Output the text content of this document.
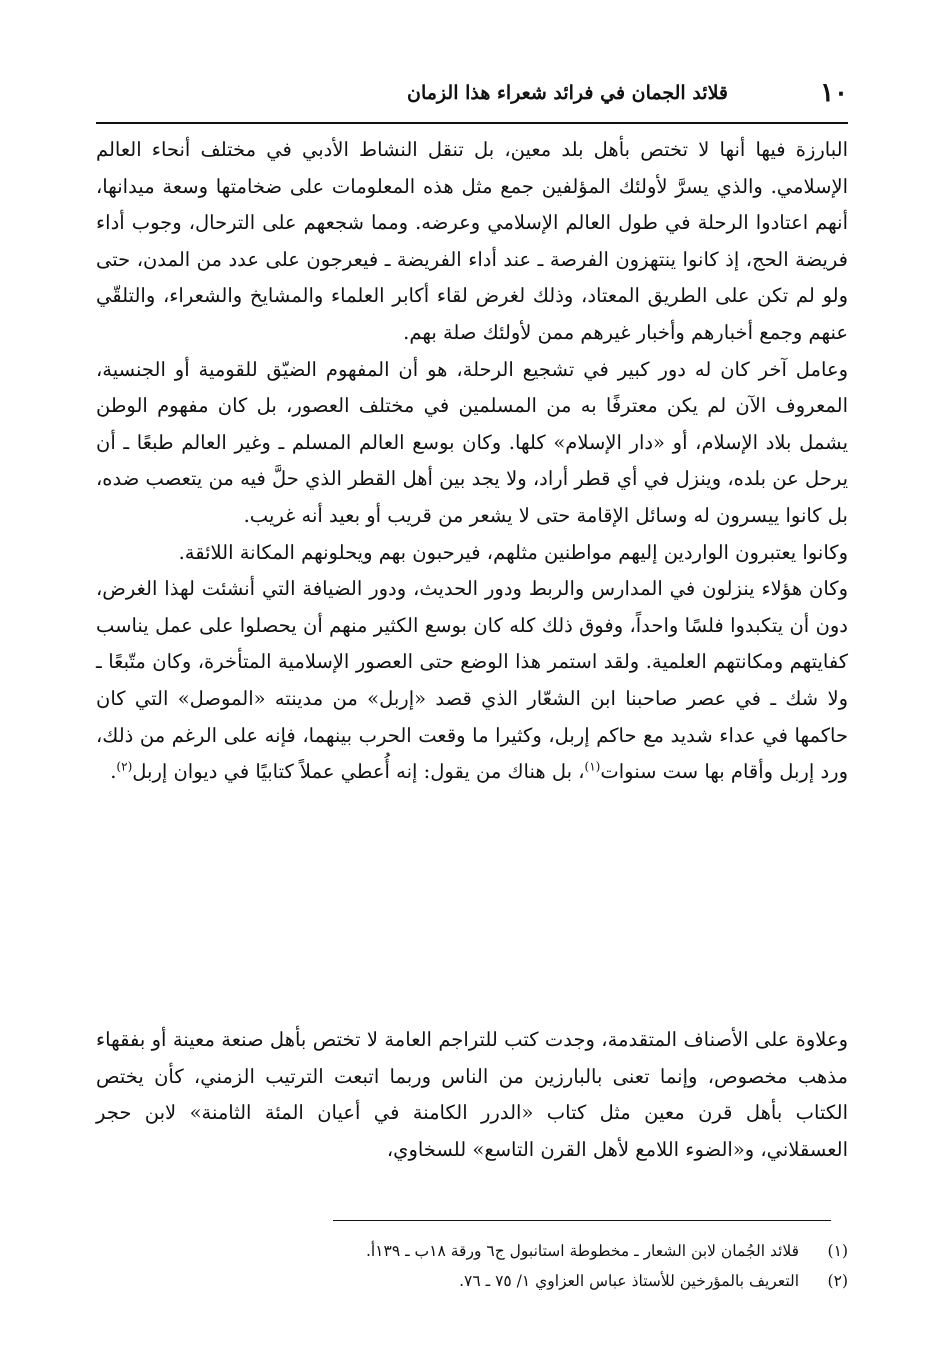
١٠
قلائد الجمان في فرائد شعراء هذا الزمان

البارزة فيها أنها لا تختص بأهل بلد معين، بل تنقل النشاط الأدبي في مختلف أنحاء العالم الإسلامي. والذي يسرَّ لأولئك المؤلفين جمع مثل هذه المعلومات على ضخامتها وسعة ميدانها، أنهم اعتادوا الرحلة في طول العالم الإسلامي وعرضه. ومما شجعهم على الترحال، وجوب أداء فريضة الحج، إذ كانوا ينتهزون الفرصة ـ عند أداء الفريضة ـ فيعرجون على عدد من المدن، حتى ولو لم تكن على الطريق المعتاد، وذلك لغرض لقاء أكابر العلماء والمشايخ والشعراء، والتلقّي عنهم وجمع أخبارهم وأخبار غيرهم ممن لأولئك صلة بهم.

وعامل آخر كان له دور كبير في تشجيع الرحلة، هو أن المفهوم الضيّق للقومية أو الجنسية، المعروف الآن لم يكن معترفًا به من المسلمين في مختلف العصور، بل كان مفهوم الوطن يشمل بلاد الإسلام، أو «دار الإسلام» كلها. وكان بوسع العالم المسلم ـ وغير العالم طبعًا ـ أن يرحل عن بلده، وينزل في أي قطر أراد، ولا يجد بين أهل القطر الذي حلَّ فيه من يتعصب ضده، بل كانوا ييسرون له وسائل الإقامة حتى لا يشعر من قريب أو بعيد أنه غريب.

وكانوا يعتبرون الواردين إليهم مواطنين مثلهم، فيرحبون بهم ويحلونهم المكانة اللائقة.

وكان هؤلاء ينزلون في المدارس والربط ودور الحديث، ودور الضيافة التي أنشئت لهذا الغرض، دون أن يتكبدوا فلسًا واحداً، وفوق ذلك كله كان بوسع الكثير منهم أن يحصلوا على عمل يناسب كفايتهم ومكانتهم العلمية. ولقد استمر هذا الوضع حتى العصور الإسلامية المتأخرة، وكان متّبعًا ـ ولا شك ـ في عصر صاحبنا ابن الشعّار الذي قصد «إربل» من مدينته «الموصل» التي كان حاكمها في عداء شديد مع حاكم إربل، وكثيرا ما وقعت الحرب بينهما، فإنه على الرغم من ذلك، ورد إربل وأقام بها ست سنوات$^{(١)}$، بل هناك من يقول: إنه أُعطي عملاً كتابيًا في ديوان إربل$^{(٢)}$.

وعلاوة على الأصناف المتقدمة، وجدت كتب للتراجم العامة لا تختص بأهل صنعة معينة أو بفقهاء مذهب مخصوص، وإنما تعنى بالبارزين من الناس وربما اتبعت الترتيب الزمني، كأن يختص الكتاب بأهل قرن معين مثل كتاب «الدرر الكامنة في أعيان المئة الثامنة» لابن حجر العسقلاني، و«الضوء اللامع لأهل القرن التاسع» للسخاوي،

(١) قلائد الجُمان لابن الشعار ـ مخطوطة استانبول ج٦ ورقة ١٨ب ـ ١٣٩أ.
(٢) التعريف بالمؤرخين للأستاذ عباس العزاوي ١/ ٧٥ ـ ٧٦.
